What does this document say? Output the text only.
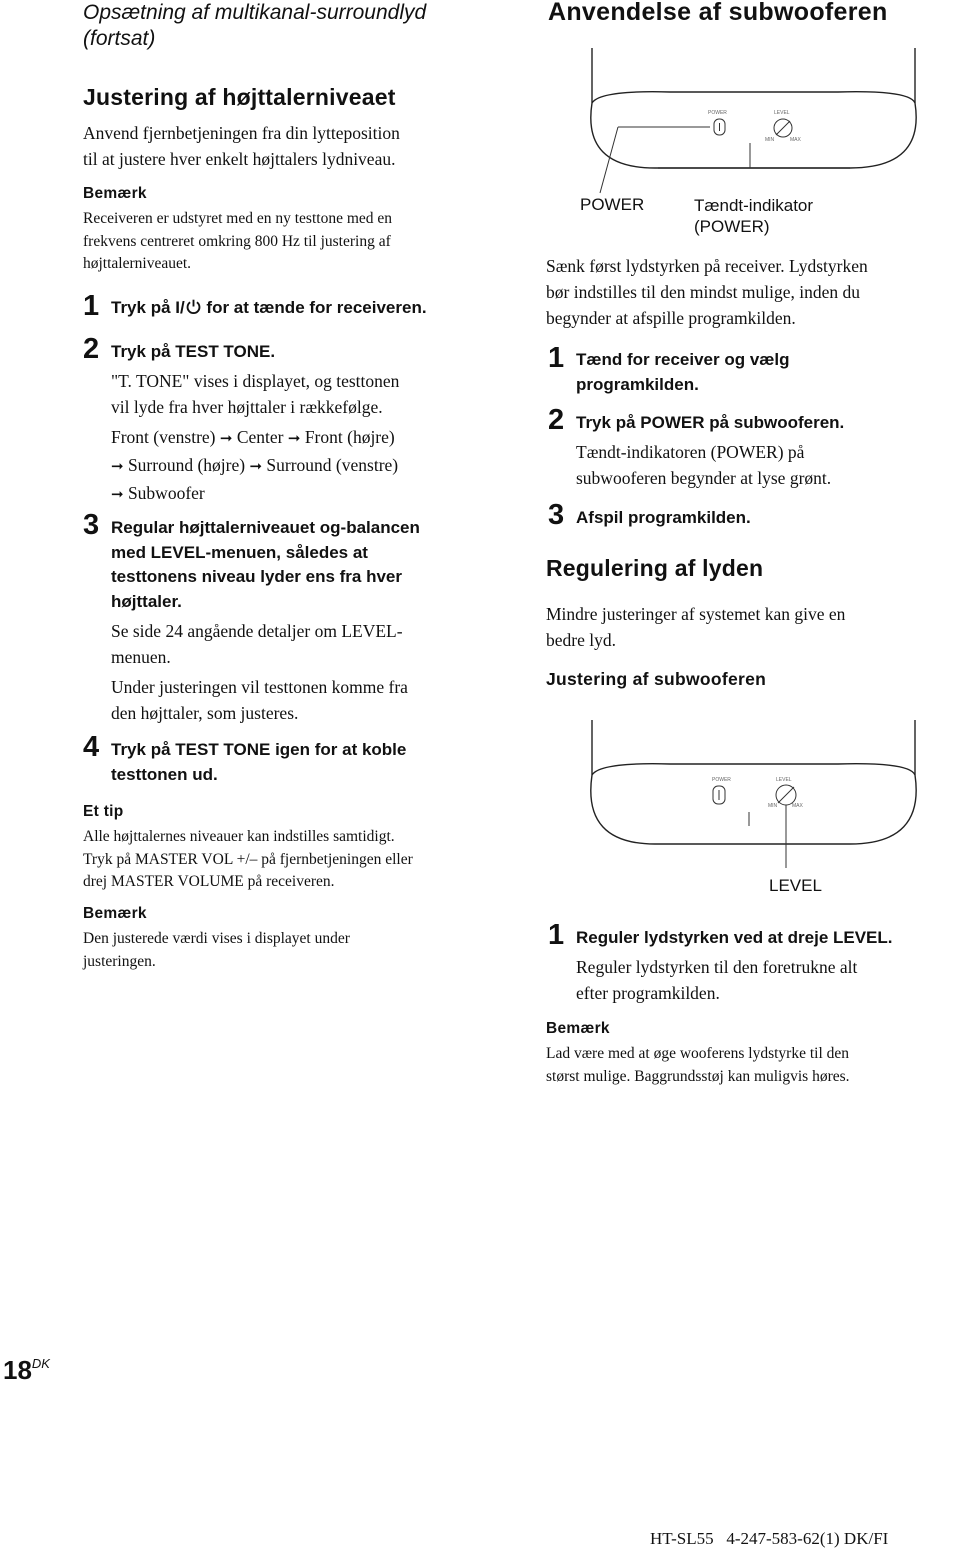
Opsætning af multikanal-surroundlyd
(fortsat)
Anvendelse af subwooferen
Justering af højttalerniveaet
Anvend fjernbetjeningen fra din lytteposition
til at justere hver enkelt højttalers lydniveau.
Bemærk
Receiveren er udstyret med en ny testtone med en
frekvens centreret omkring 800 Hz til justering af
højttalerniveauet.
1 Tryk på I/ for at tænde for receiveren.
2 Tryk på TEST TONE.
"T. TONE" vises i displayet, og testtonen
vil lyde fra hver højttaler i rækkefølge.
Front (venstre) ➞ Center ➞ Front (højre)
➞ Surround (højre) ➞ Surround (venstre)
➞ Subwoofer
3 Regular højttalerniveauet og-balancen
med LEVEL-menuen, således at
testtonens niveau lyder ens fra hver
højttaler.
Se side 24 angående detaljer om LEVEL-
menuen.
Under justeringen vil testtonen komme fra
den højttaler, som justeres.
4 Tryk på TEST TONE igen for at koble
testtonen ud.
Et tip
Alle højttalernes niveauer kan indstilles samtidigt.
Tryk på MASTER VOL +/– på fjernbetjeningen eller
drej MASTER VOLUME på receiveren.
Bemærk
Den justerede værdi vises i displayet under
justeringen.
POWER	LEVEL
MIN	MAX
POWER	Tændt-indikator
(POWER)
Sænk først lydstyrken på receiver. Lydstyrken
bør indstilles til den mindst mulige, inden du
begynder at afspille programkilden.
1 Tænd for receiver og vælg
programkilden.
2 Tryk på POWER på subwooferen.
Tændt-indikatoren (POWER) på
subwooferen begynder at lyse grønt.
3 Afspil programkilden.
Regulering af lyden
Mindre justeringer af systemet kan give en
bedre lyd.
Justering af subwooferen
POWER	LEVEL
MIN	MAX
LEVEL
1 Reguler lydstyrken ved at dreje LEVEL.
Reguler lydstyrken til den foretrukne alt
efter programkilden.
Bemærk
Lad være med at øge wooferens lydstyrke til den
størst mulige. Baggrundsstøj kan muligvis høres.
$18^{DK}$
HT-SL55 4-247-583-62(1) DK/FI
